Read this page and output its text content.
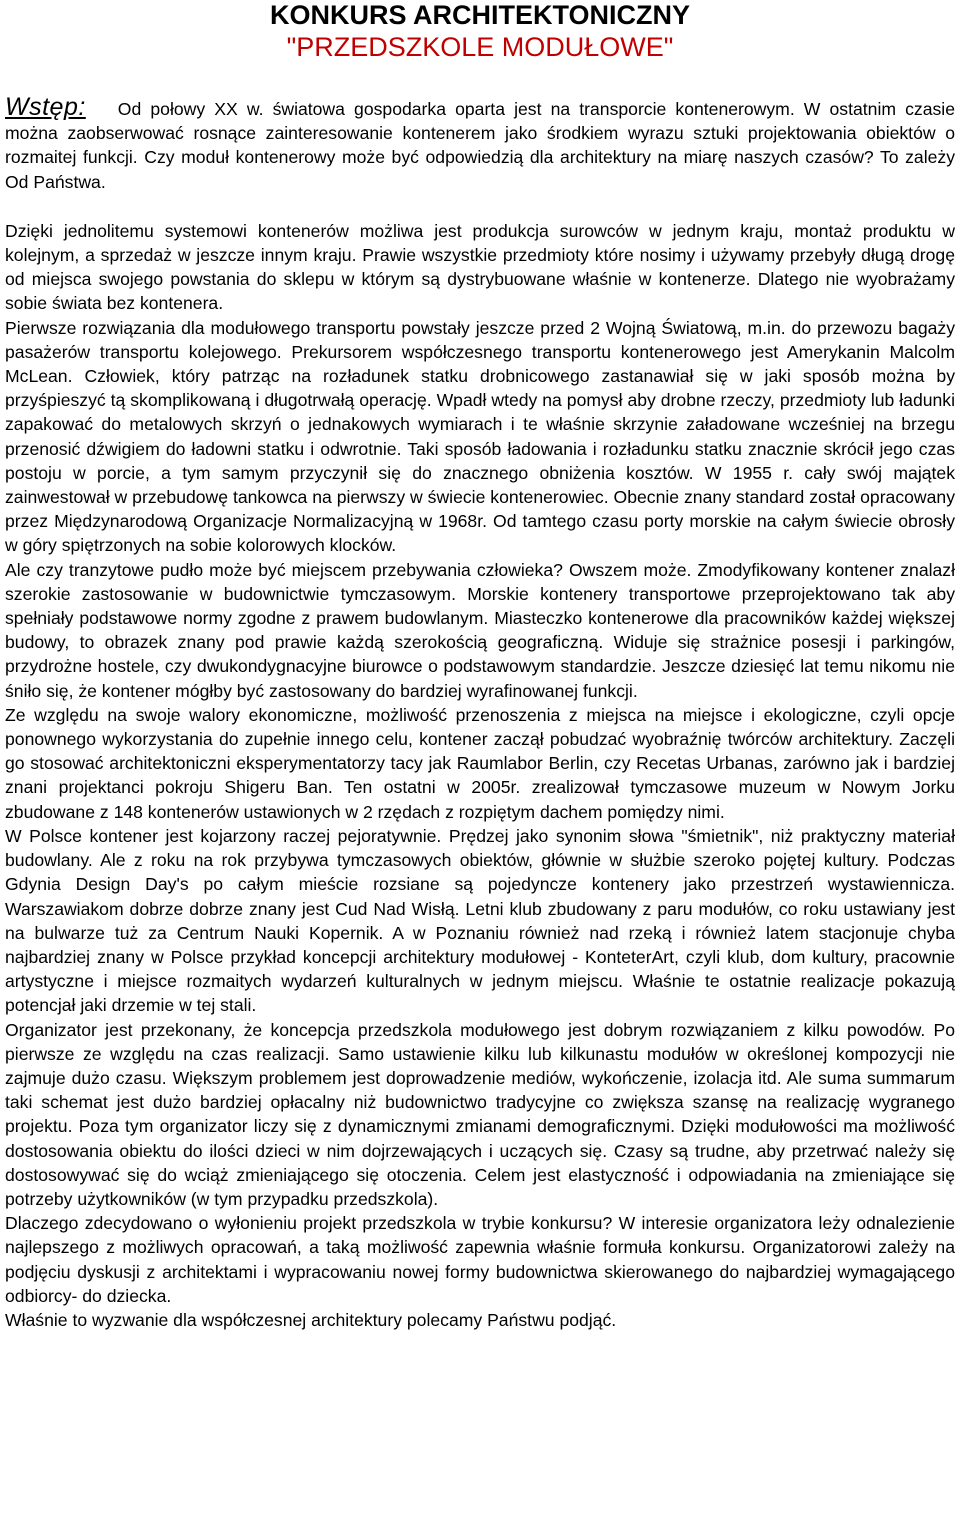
KONKURS ARCHITEKTONICZNY
"PRZEDSZKOLE MODUŁOWE"

Wstęp: Od połowy XX w. światowa gospodarka oparta jest na transporcie kontenerowym. W ostatnim czasie można zaobserwować rosnące zainteresowanie kontenerem jako środkiem wyrazu sztuki projektowania obiektów o rozmaitej funkcji. Czy moduł kontenerowy może być odpowiedzią dla architektury na miarę naszych czasów? To zależy Od Państwa.

Dzięki jednolitemu systemowi kontenerów możliwa jest produkcja surowców w jednym kraju, montaż produktu w kolejnym, a sprzedaż w jeszcze innym kraju. Prawie wszystkie przedmioty które nosimy i używamy przebyły długą drogę od miejsca swojego powstania do sklepu w którym są dystrybuowane właśnie w kontenerze. Dlatego nie wyobrażamy sobie świata bez kontenera.

Pierwsze rozwiązania dla modułowego transportu powstały jeszcze przed 2 Wojną Światową, m.in. do przewozu bagaży pasażerów transportu kolejowego. Prekursorem współczesnego transportu kontenerowego jest Amerykanin Malcolm McLean. Człowiek, który patrząc na rozładunek statku drobnicowego zastanawiał się w jaki sposób można by przyśpieszyć tą skomplikowaną i długotrwałą operację. Wpadł wtedy na pomysł aby drobne rzeczy, przedmioty lub ładunki zapakować do metalowych skrzyń o jednakowych wymiarach i te właśnie skrzynie załadowane wcześniej na brzegu przenosić dźwigiem do ładowni statku i odwrotnie. Taki sposób ładowania i rozładunku statku znacznie skrócił jego czas postoju w porcie, a tym samym przyczynił się do znacznego obniżenia kosztów. W 1955 r. cały swój majątek zainwestował w przebudowę tankowca na pierwszy w świecie kontenerowiec. Obecnie znany standard został opracowany przez Międzynarodową Organizacje Normalizacyjną w 1968r. Od tamtego czasu porty morskie na całym świecie obrosły w góry spiętrzonych na sobie kolorowych klocków.

Ale czy tranzytowe pudło może być miejscem przebywania człowieka? Owszem może. Zmodyfikowany kontener znalazł szerokie zastosowanie w budownictwie tymczasowym. Morskie kontenery transportowe przeprojektowano tak aby spełniały podstawowe normy zgodne z prawem budowlanym. Miasteczko kontenerowe dla pracowników każdej większej budowy, to obrazek znany pod prawie każdą szerokością geograficzną. Widuje się strażnice posesji i parkingów, przydrożne hostele, czy dwukondygnacyjne biurowce o podstawowym standardzie. Jeszcze dziesięć lat temu nikomu nie śniło się, że kontener mógłby być zastosowany do bardziej wyrafinowanej funkcji.

Ze względu na swoje walory ekonomiczne, możliwość przenoszenia z miejsca na miejsce i ekologiczne, czyli opcje ponownego wykorzystania do zupełnie innego celu, kontener zaczął pobudzać wyobraźnię twórców architektury. Zaczęli go stosować architektoniczni eksperymentatorzy tacy jak Raumlabor Berlin, czy Recetas Urbanas, zarówno jak i bardziej znani projektanci pokroju Shigeru Ban. Ten ostatni w 2005r. zrealizował tymczasowe muzeum w Nowym Jorku zbudowane z 148 kontenerów ustawionych w 2 rzędach z rozpiętym dachem pomiędzy nimi.

W Polsce kontener jest kojarzony raczej pejoratywnie. Prędzej jako synonim słowa "śmietnik", niż praktyczny materiał budowlany. Ale z roku na rok przybywa tymczasowych obiektów, głównie w służbie szeroko pojętej kultury. Podczas Gdynia Design Day's po całym mieście rozsiane są pojedyncze kontenery jako przestrzeń wystawiennicza. Warszawiakom dobrze dobrze znany jest Cud Nad Wisłą. Letni klub zbudowany z paru modułów, co roku ustawiany jest na bulwarze tuż za Centrum Nauki Kopernik. A w Poznaniu również nad rzeką i również latem stacjonuje chyba najbardziej znany w Polsce przykład koncepcji architektury modułowej - KonteterArt, czyli klub, dom kultury, pracownie artystyczne i miejsce rozmaitych wydarzeń kulturalnych w jednym miejscu. Właśnie te ostatnie realizacje pokazują potencjał jaki drzemie w tej stali.

Organizator jest przekonany, że koncepcja przedszkola modułowego jest dobrym rozwiązaniem z kilku powodów. Po pierwsze ze względu na czas realizacji. Samo ustawienie kilku lub kilkunastu modułów w określonej kompozycji nie zajmuje dużo czasu. Większym problemem jest doprowadzenie mediów, wykończenie, izolacja itd. Ale suma summarum taki schemat jest dużo bardziej opłacalny niż budownictwo tradycyjne co zwiększa szansę na realizację wygranego projektu. Poza tym organizator liczy się z dynamicznymi zmianami demograficznymi. Dzięki modułowości ma możliwość dostosowania obiektu do ilości dzieci w nim dojrzewających i uczących się. Czasy są trudne, aby przetrwać należy się dostosowywać się do wciąż zmieniającego się otoczenia. Celem jest elastyczność i odpowiadania na zmieniające się potrzeby użytkowników (w tym przypadku przedszkola).

Dlaczego zdecydowano o wyłonieniu projekt przedszkola w trybie konkursu? W interesie organizatora leży odnalezienie najlepszego z możliwych opracowań, a taką możliwość zapewnia właśnie formuła konkursu. Organizatorowi zależy na podjęciu dyskusji z architektami i wypracowaniu nowej formy budownictwa skierowanego do najbardziej wymagającego odbiorcy- do dziecka.

Właśnie to wyzwanie dla współczesnej architektury polecamy Państwu podjąć.
